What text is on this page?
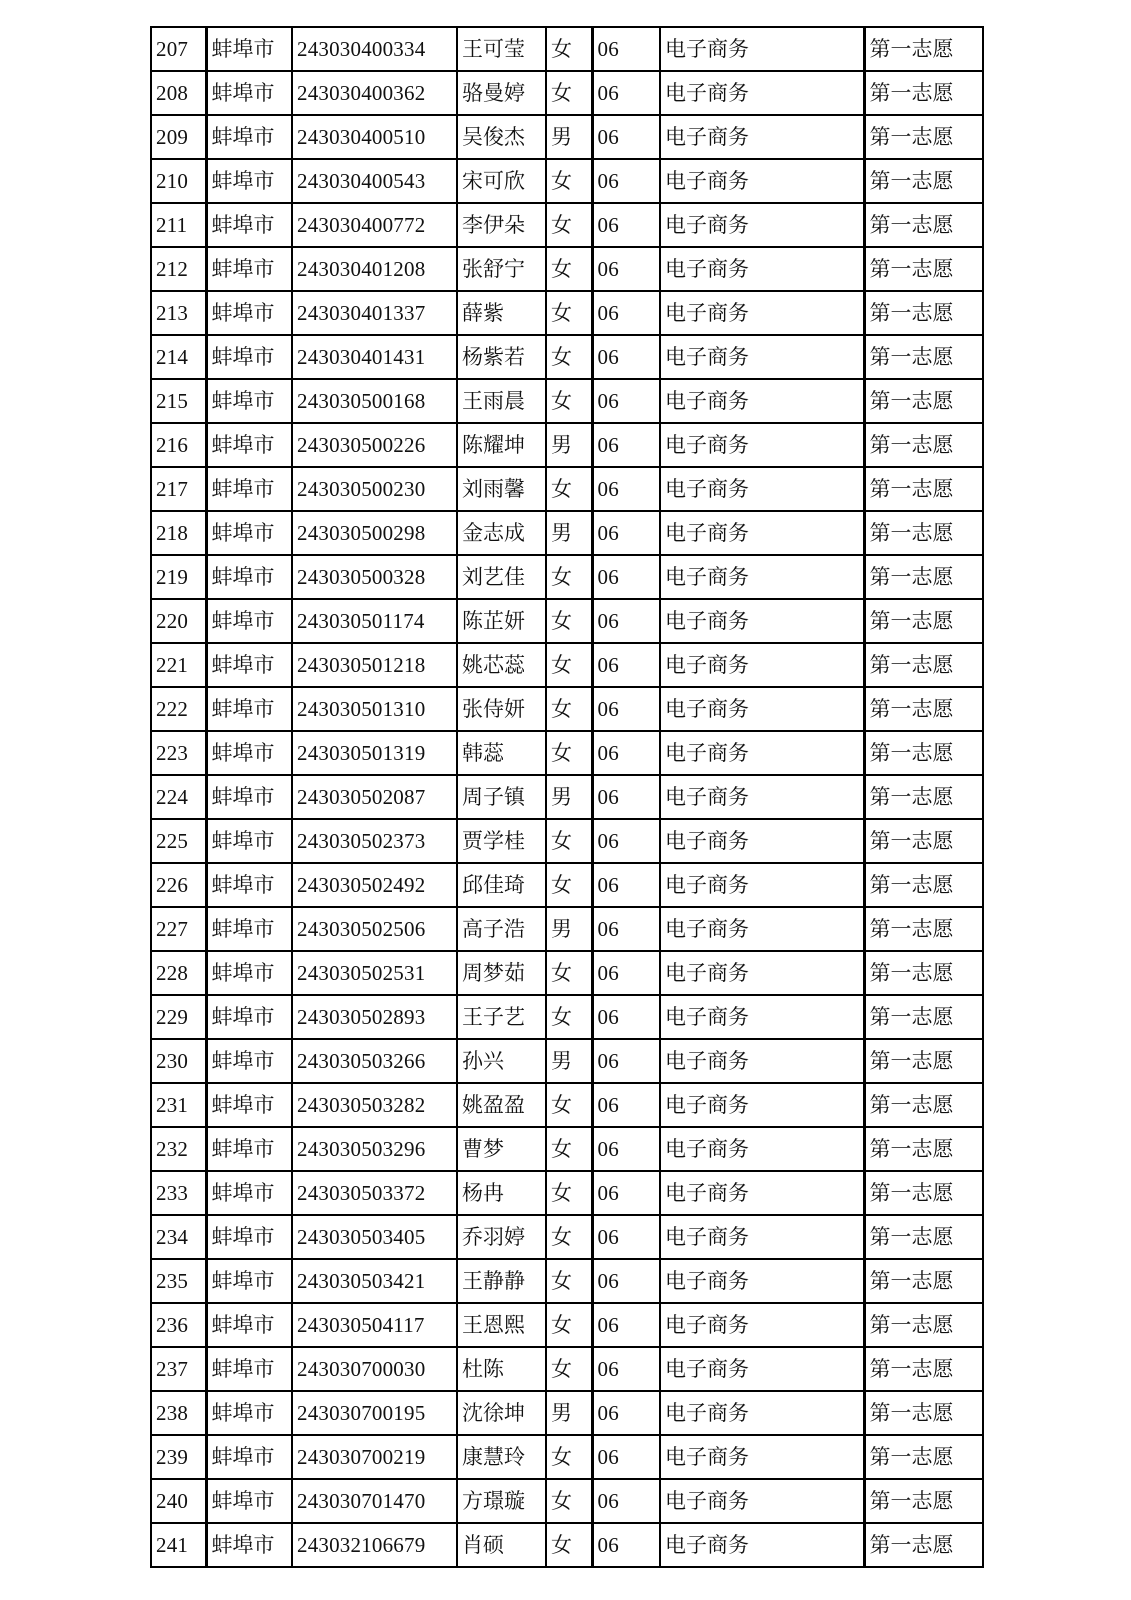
207	蚌埠市	243030400334	王可莹	女	06	电子商务	第一志愿
208	蚌埠市	243030400362	骆曼婷	女	06	电子商务	第一志愿
209	蚌埠市	243030400510	吴俊杰	男	06	电子商务	第一志愿
210	蚌埠市	243030400543	宋可欣	女	06	电子商务	第一志愿
211	蚌埠市	243030400772	李伊朵	女	06	电子商务	第一志愿
212	蚌埠市	243030401208	张舒宁	女	06	电子商务	第一志愿
213	蚌埠市	243030401337	薛紫	女	06	电子商务	第一志愿
214	蚌埠市	243030401431	杨紫若	女	06	电子商务	第一志愿
215	蚌埠市	243030500168	王雨晨	女	06	电子商务	第一志愿
216	蚌埠市	243030500226	陈耀坤	男	06	电子商务	第一志愿
217	蚌埠市	243030500230	刘雨馨	女	06	电子商务	第一志愿
218	蚌埠市	243030500298	金志成	男	06	电子商务	第一志愿
219	蚌埠市	243030500328	刘艺佳	女	06	电子商务	第一志愿
220	蚌埠市	243030501174	陈芷妍	女	06	电子商务	第一志愿
221	蚌埠市	243030501218	姚芯蕊	女	06	电子商务	第一志愿
222	蚌埠市	243030501310	张侍妍	女	06	电子商务	第一志愿
223	蚌埠市	243030501319	韩蕊	女	06	电子商务	第一志愿
224	蚌埠市	243030502087	周子镇	男	06	电子商务	第一志愿
225	蚌埠市	243030502373	贾学桂	女	06	电子商务	第一志愿
226	蚌埠市	243030502492	邱佳琦	女	06	电子商务	第一志愿
227	蚌埠市	243030502506	高子浩	男	06	电子商务	第一志愿
228	蚌埠市	243030502531	周梦茹	女	06	电子商务	第一志愿
229	蚌埠市	243030502893	王子艺	女	06	电子商务	第一志愿
230	蚌埠市	243030503266	孙兴	男	06	电子商务	第一志愿
231	蚌埠市	243030503282	姚盈盈	女	06	电子商务	第一志愿
232	蚌埠市	243030503296	曹梦	女	06	电子商务	第一志愿
233	蚌埠市	243030503372	杨冉	女	06	电子商务	第一志愿
234	蚌埠市	243030503405	乔羽婷	女	06	电子商务	第一志愿
235	蚌埠市	243030503421	王静静	女	06	电子商务	第一志愿
236	蚌埠市	243030504117	王恩熙	女	06	电子商务	第一志愿
237	蚌埠市	243030700030	杜陈	女	06	电子商务	第一志愿
238	蚌埠市	243030700195	沈徐坤	男	06	电子商务	第一志愿
239	蚌埠市	243030700219	康慧玲	女	06	电子商务	第一志愿
240	蚌埠市	243030701470	方璟璇	女	06	电子商务	第一志愿
241	蚌埠市	243032106679	肖硕	女	06	电子商务	第一志愿
